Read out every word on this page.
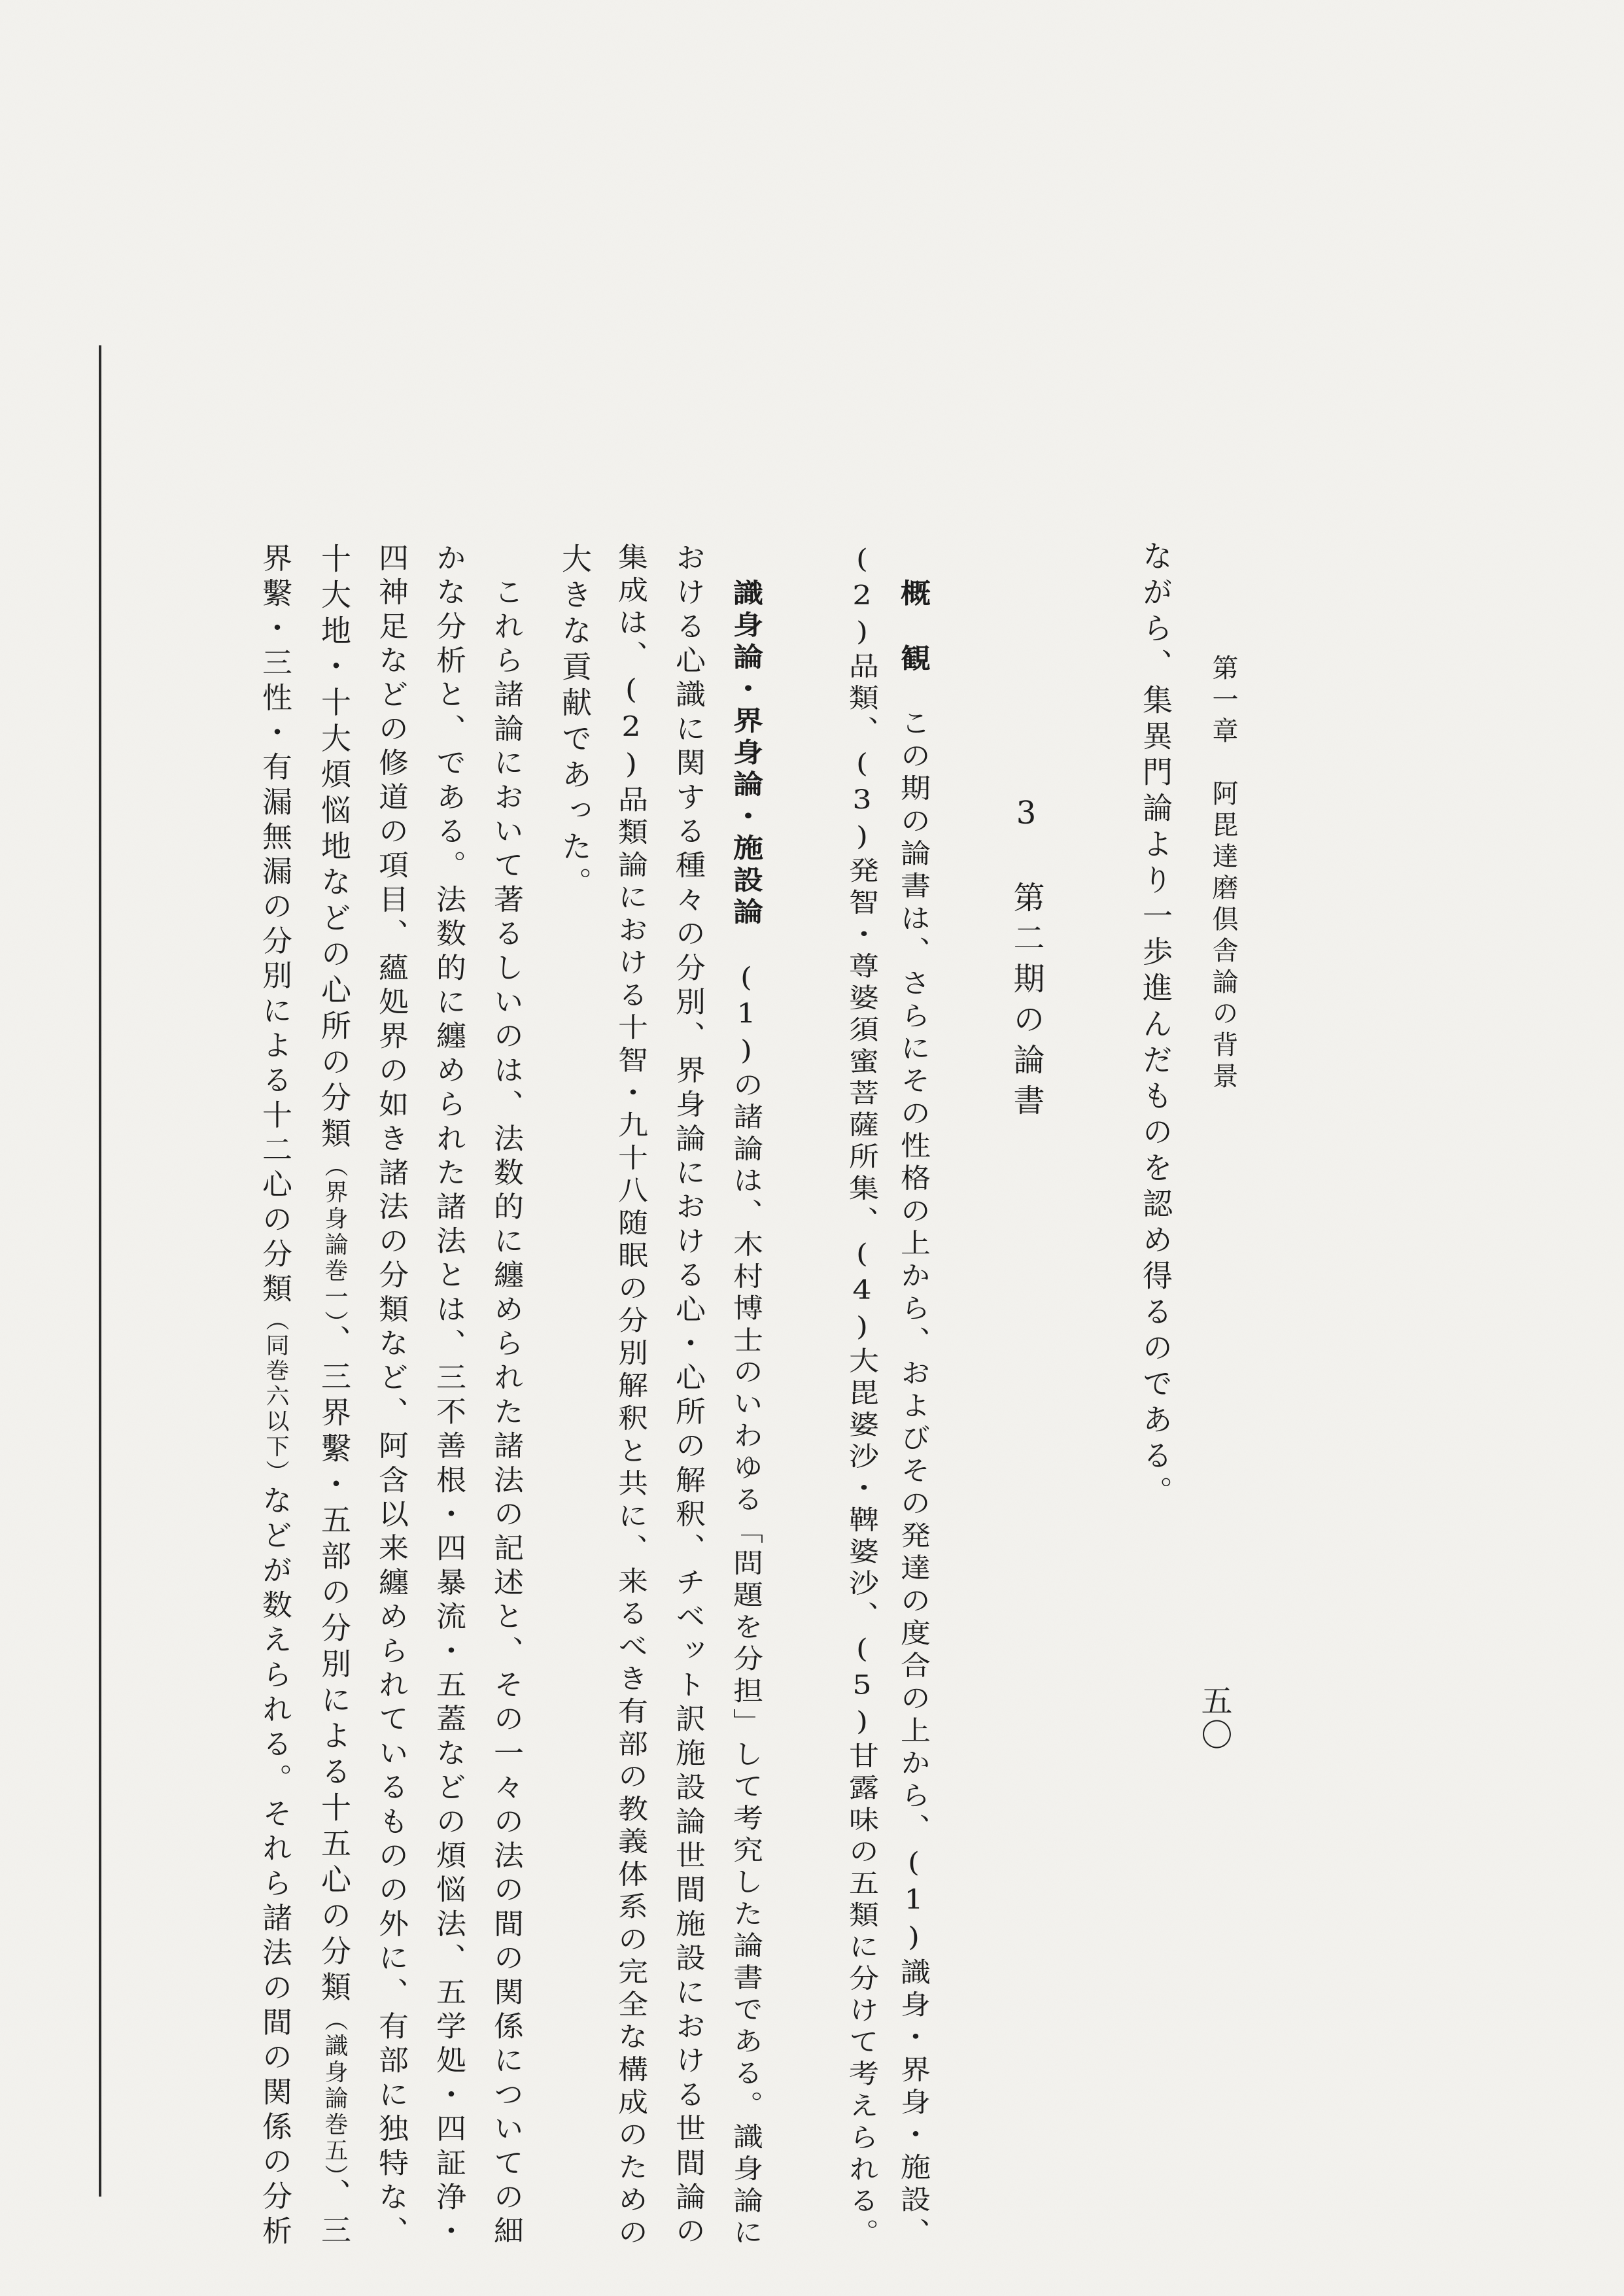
五〇
第一章　阿毘達磨倶舎論の背景
3　第二期の論書	ながら、集異門論より一歩進んだものを認め得るのである。
概　観　この期の論書は、さらにその性格の上から、およびその発達の度合の上から、(1)識身・界身・施設、
(2)品類、(3)発智・尊婆須蜜菩薩所集、(4)大毘婆沙・鞞婆沙、(5)甘露味の五類に分けて考えられる。
識身論・界身論・施設論　(1)の諸論は、木村博士のいわゆる「問題を分担」して考究した論書である。識身論に
おける心識に関する種々の分別、界身論における心・心所の解釈、チベット訳施設論世間施設における世間論の
集成は、(2)品類論における十智・九十八随眠の分別解釈と共に、来るべき有部の教義体系の完全な構成のための
大きな貢献であった。
　これら諸論において著るしいのは、法数的に纏められた諸法の記述と、その一々の法の間の関係についての細
かな分析と、である。法数的に纏められた諸法とは、三不善根・四暴流・五蓋などの煩悩法、五学処・四証浄・
四神足などの修道の項目、蘊処界の如き諸法の分類など、阿含以来纏められているものの外に、有部に独特な、
十大地・十大煩悩地などの心所の分類（界身論巻一）、三界繫・五部の分別による十五心の分類（識身論巻五）、三
界繫・三性・有漏無漏の分別による十二心の分類（同巻六以下）などが数えられる。それら諸法の間の関係の分析
